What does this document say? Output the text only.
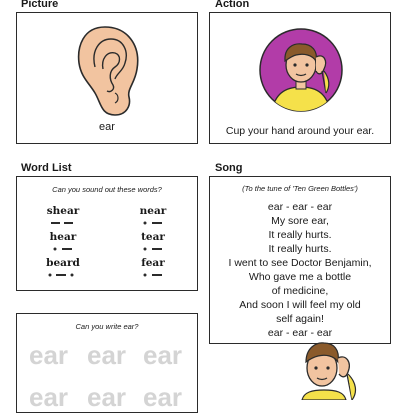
Picture	Action
Word List	Song
ear	Cup your hand around your ear.
Can you sound out these words?
shear	near
hear	tear
beard	fear
(To the tune of 'Ten Green Bottles')
ear - ear - ear
My sore ear,
It really hurts.
It really hurts.
I went to see Doctor Benjamin,
Who gave me a bottle
of medicine,
And soon I will feel my old
self again!
ear - ear - ear
Can you write ear?
ear ear ear
ear ear ear
